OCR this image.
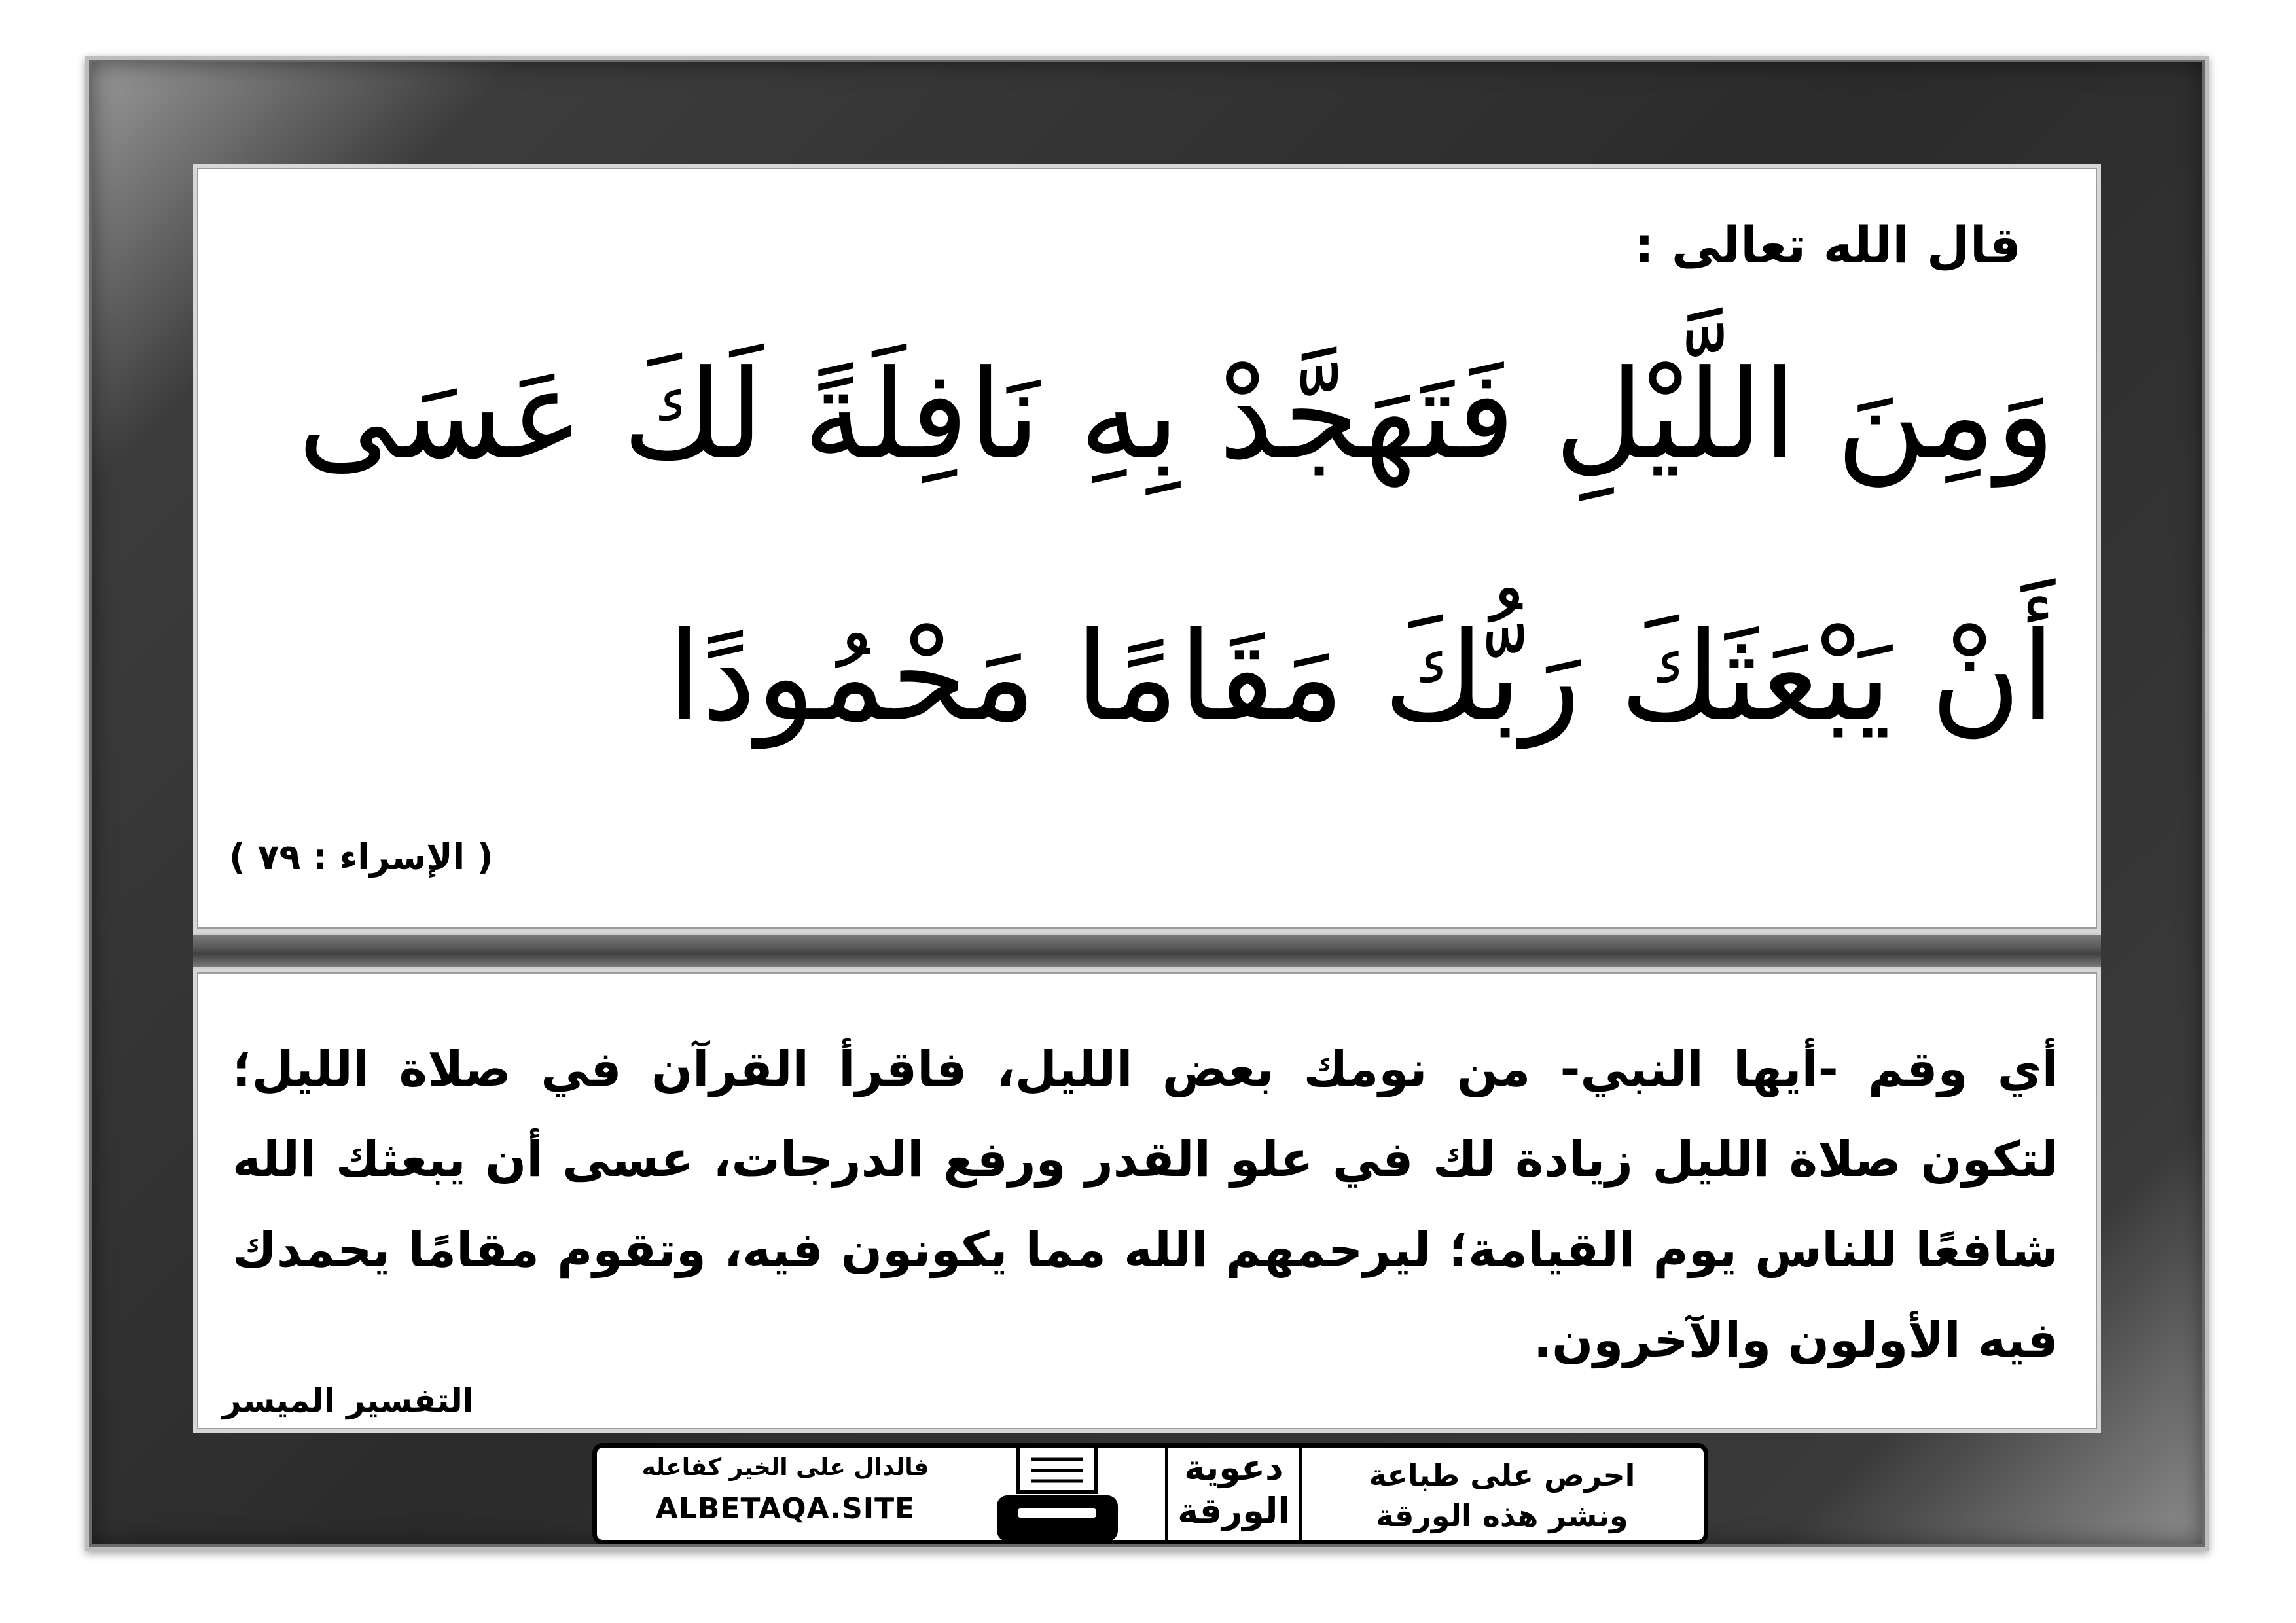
قال الله تعالى :
وَمِنَ اللَّيْلِ فَتَهَجَّدْ بِهِ نَافِلَةً لَكَ عَسَى
أَنْ يَبْعَثَكَ رَبُّكَ مَقَامًا مَحْمُودًا
( الإسراء : ٧٩ )
أي وقم -أيها النبي- من نومك بعض الليل، فاقرأ القرآن في صلاة الليل؛ لتكون صلاة الليل زيادة لك في علو القدر ورفع الدرجات، عسى أن يبعثك الله شافعًا للناس يوم القيامة؛ ليرحمهم الله مما يكونون فيه، وتقوم مقامًا يحمدك فيه الأولون والآخرون.
التفسير الميسر
احرص على طباعة
ونشر هذه الورقة
دعوية
الورقة
فالدال على الخير كفاعله
ALBETAQA.SITE
